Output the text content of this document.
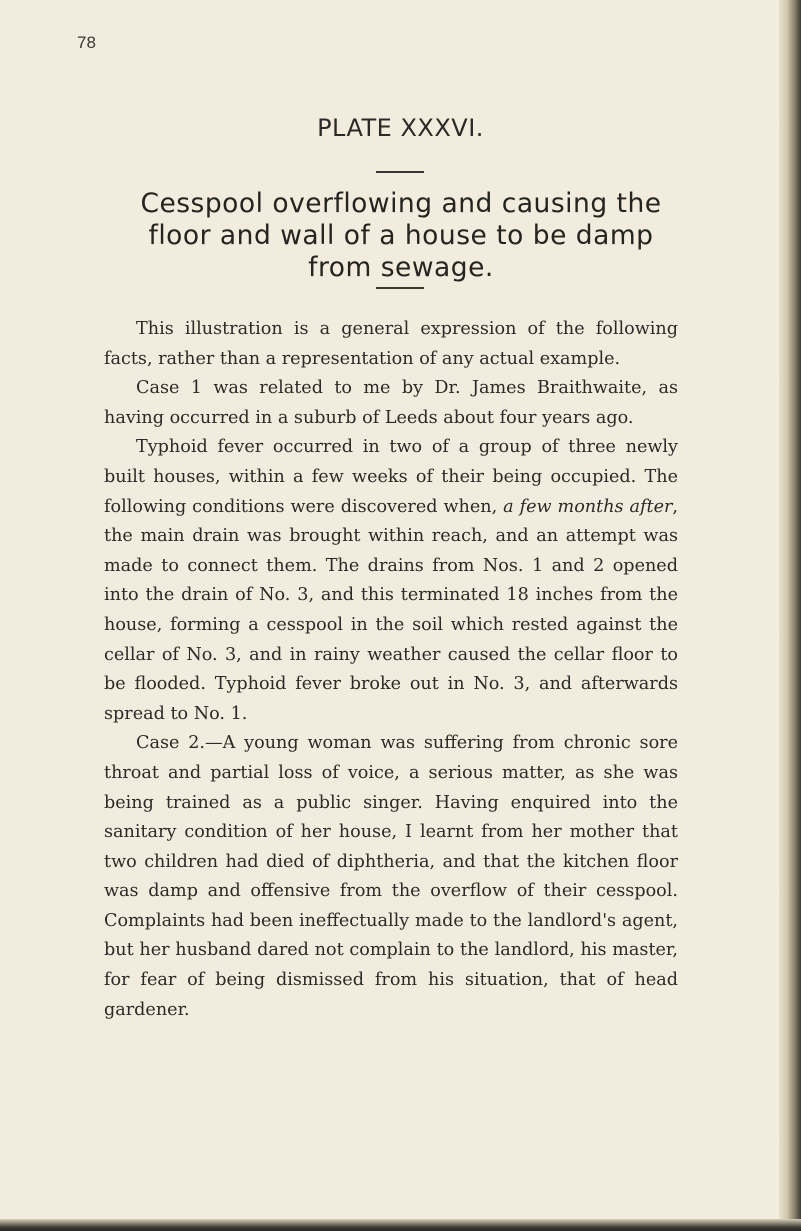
78
PLATE XXXVI.
Cesspool overflowing and causing the floor and wall of a house to be damp from sewage.

This illustration is a general expression of the following facts, rather than a representation of any actual example.

Case 1 was related to me by Dr. James Braithwaite, as having occurred in a suburb of Leeds about four years ago.

Typhoid fever occurred in two of a group of three newly built houses, within a few weeks of their being occupied. The following conditions were discovered when, a few months after, the main drain was brought within reach, and an attempt was made to connect them. The drains from Nos. 1 and 2 opened into the drain of No. 3, and this terminated 18 inches from the house, forming a cesspool in the soil which rested against the cellar of No. 3, and in rainy weather caused the cellar floor to be flooded. Typhoid fever broke out in No. 3, and afterwards spread to No. 1.

Case 2.—A young woman was suffering from chronic sore throat and partial loss of voice, a serious matter, as she was being trained as a public singer. Having enquired into the sanitary condition of her house, I learnt from her mother that two children had died of diphtheria, and that the kitchen floor was damp and offensive from the overflow of their cesspool. Complaints had been ineffectually made to the landlord's agent, but her husband dared not complain to the landlord, his master, for fear of being dismissed from his situation, that of head gardener.
